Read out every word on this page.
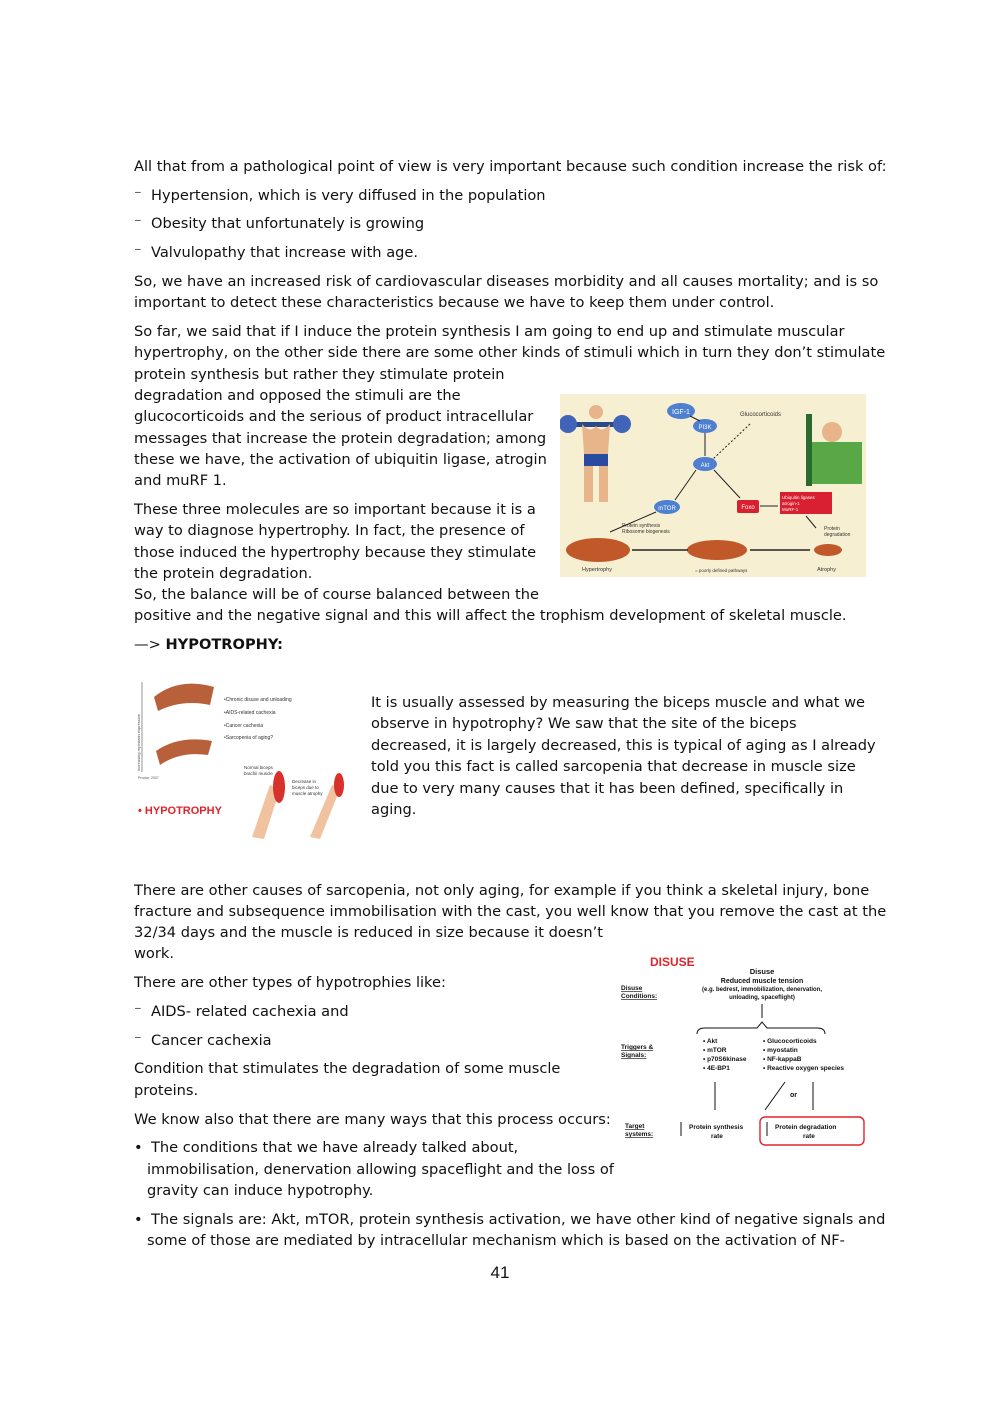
All that from a pathological point of view is very important because such condition increase the risk of:
⁻ Hypertension, which is very diffused in the population
⁻ Obesity that unfortunately is growing
⁻ Valvulopathy that increase with age.
So, we have an increased risk of cardiovascular diseases morbidity and all causes mortality; and is so
important to detect these characteristics because we have to keep them under control.
So far, we said that if I induce the protein synthesis I am going to end up and stimulate muscular
hypertrophy, on the other side there are some other kinds of stimuli which in turn they don’t stimulate
protein synthesis but rather they stimulate protein
degradation and opposed the stimuli are the
glucocorticoids and the serious of product intracellular
messages that increase the protein degradation; among
these we have, the activation of ubiquitin ligase, atrogin
and muRF 1.
These three molecules are so important because it is a
way to diagnose hypertrophy. In fact, the presence of
those induced the hypertrophy because they stimulate
the protein degradation.
So, the balance will be of course balanced between the
positive and the negative signal and this will affect the trophism development of skeletal muscle.
IGF-1
PI3K
Akt
mTOR	Foxo
Ubiquitin ligases
atrogin-1
MuRF-1
Glucocorticoids
Protein synthesis
Ribosome biogenesis	Protein
degradation
Hypertrophy	Atrophy
= poorly defined pathways
—> HYPOTROPHY:
Increasing myostatin expression
Proctor, 2007
•Chronic disuse and unloading
•AIDS-related cachexia
•Cancer cachexia
•Sarcopenia of aging?
Normal biceps
brachii muscle
Decrease in
biceps due to
muscle atrophy
• HYPOTROPHY
It is usually assessed by measuring the biceps muscle and what we
observe in hypotrophy? We saw that the site of the biceps
decreased, it is largely decreased, this is typical of aging as I already
told you this fact is called sarcopenia that decrease in muscle size
due to very many causes that it has been defined, specifically in
aging.
There are other causes of sarcopenia, not only aging, for example if you think a skeletal injury, bone
fracture and subsequence immobilisation with the cast, you well know that you remove the cast at the
32/34 days and the muscle is reduced in size because it doesn’t
work.
There are other types of hypotrophies like:
⁻ AIDS- related cachexia and
⁻ Cancer cachexia
Condition that stimulates the degradation of some muscle
proteins.
We know also that there are many ways that this process occurs:
• The conditions that we have already talked about,
immobilisation, denervation allowing spaceflight and the loss of
gravity can induce hypotrophy.
• The signals are: Akt, mTOR, protein synthesis activation, we have other kind of negative signals and
some of those are mediated by intracellular mechanism which is based on the activation of NF-
DISUSE
Disuse
Reduced muscle tension
(e.g. bedrest, immobilization, denervation,
unloading, spaceflight)
Disuse
Conditions:
Triggers &
Signals:
• Akt
• mTOR
• p70S6kinase
• 4E-BP1
• Glucocorticoids
• myostatin
• NF-kappaB
• Reactive oxygen species
or
Target
systems:
Protein synthesis
rate
Protein degradation
rate
41
